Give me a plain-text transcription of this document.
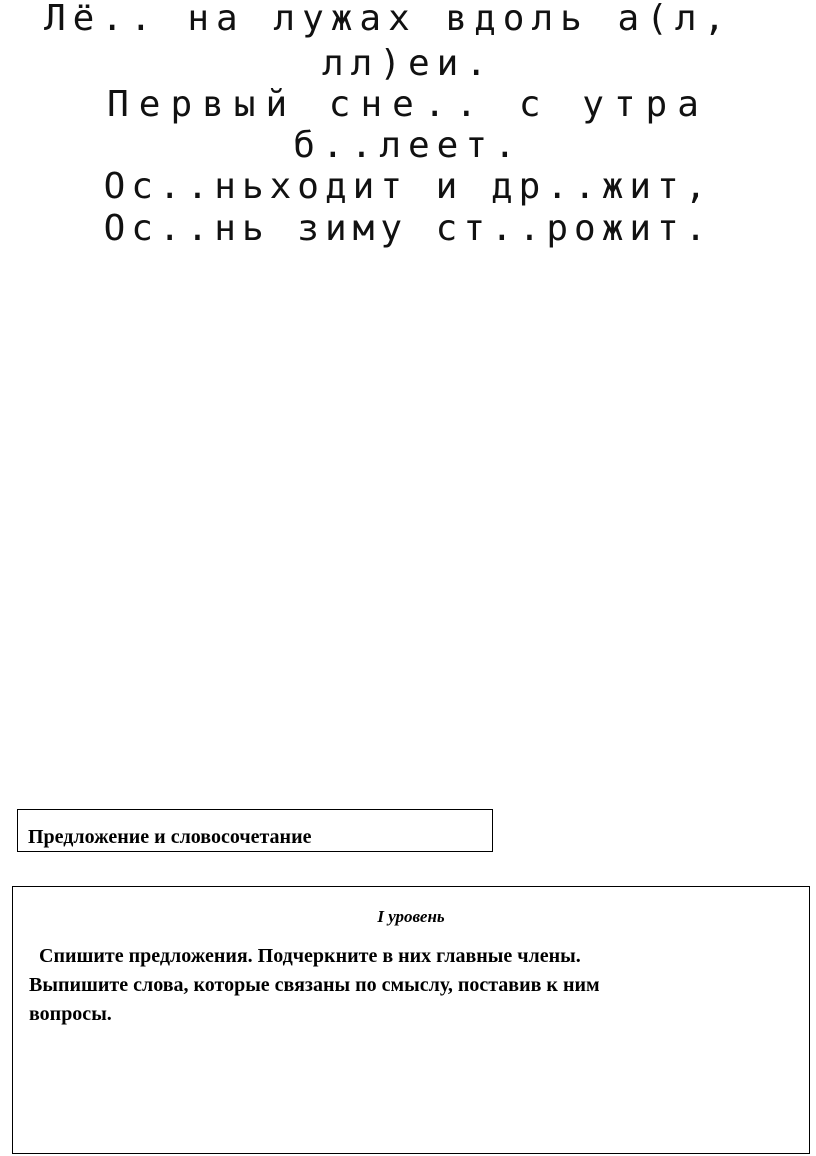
Лё.. на лужах вдоль а(л,

лл)еи.

Первый сне.. с утра

б..леет.

Ос..ньходит и др..жит,

Ос..нь зиму ст..рожит.

Предложение и словосочетание

I уровень

Спишите предложения. Подчеркните в них главные члены.
Выпишите слова, которые связаны по смыслу, поставив к ним
вопросы.
